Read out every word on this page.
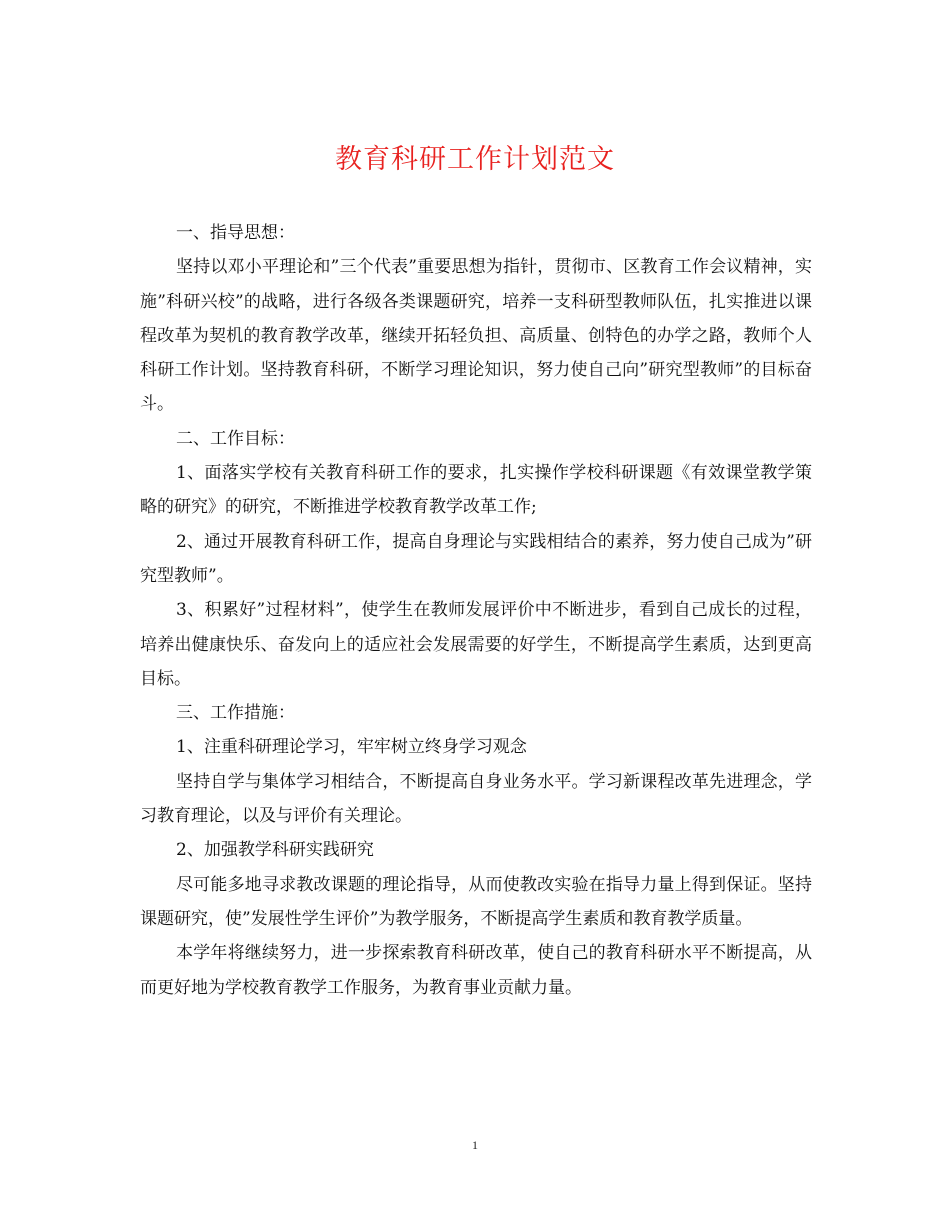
教育科研工作计划范文

一、指导思想：

坚持以邓小平理论和”三个代表”重要思想为指针，贯彻市、区教育工作会议精神，实施”科研兴校”的战略，进行各级各类课题研究，培养一支科研型教师队伍，扎实推进以课程改革为契机的教育教学改革，继续开拓轻负担、高质量、创特色的办学之路，教师个人科研工作计划。坚持教育科研，不断学习理论知识，努力使自己向”研究型教师”的目标奋斗。

二、工作目标：

1、面落实学校有关教育科研工作的要求，扎实操作学校科研课题《有效课堂教学策略的研究》的研究，不断推进学校教育教学改革工作;

2、通过开展教育科研工作，提高自身理论与实践相结合的素养，努力使自己成为”研究型教师”。

3、积累好”过程材料”，使学生在教师发展评价中不断进步，看到自己成长的过程，培养出健康快乐、奋发向上的适应社会发展需要的好学生，不断提高学生素质，达到更高目标。

三、工作措施：

1、注重科研理论学习，牢牢树立终身学习观念

坚持自学与集体学习相结合，不断提高自身业务水平。学习新课程改革先进理念，学习教育理论，以及与评价有关理论。

2、加强教学科研实践研究

尽可能多地寻求教改课题的理论指导，从而使教改实验在指导力量上得到保证。坚持课题研究，使”发展性学生评价”为教学服务，不断提高学生素质和教育教学质量。

本学年将继续努力，进一步探索教育科研改革，使自己的教育科研水平不断提高，从而更好地为学校教育教学工作服务，为教育事业贡献力量。

1
